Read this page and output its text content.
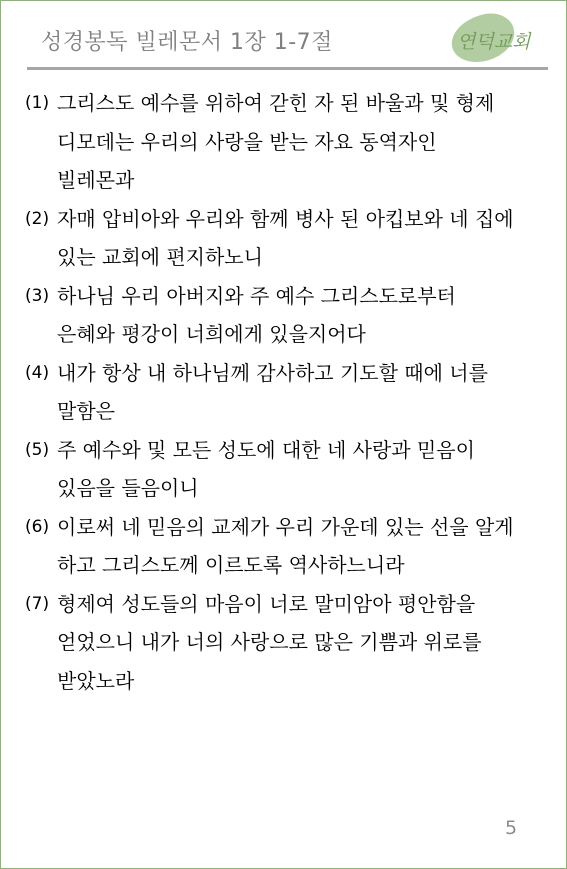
성경봉독 빌레몬서 1장 1-7절	연덕교회
(1) 그리스도 예수를 위하여 갇힌 자 된 바울과 및 형제
디모데는 우리의 사랑을 받는 자요 동역자인
빌레몬과
(2) 자매 압비아와 우리와 함께 병사 된 아킵보와 네 집에
있는 교회에 편지하노니
(3) 하나님 우리 아버지와 주 예수 그리스도로부터
은혜와 평강이 너희에게 있을지어다
(4) 내가 항상 내 하나님께 감사하고 기도할 때에 너를
말함은
(5) 주 예수와 및 모든 성도에 대한 네 사랑과 믿음이
있음을 들음이니
(6) 이로써 네 믿음의 교제가 우리 가운데 있는 선을 알게
하고 그리스도께 이르도록 역사하느니라
(7) 형제여 성도들의 마음이 너로 말미암아 평안함을
얻었으니 내가 너의 사랑으로 많은 기쁨과 위로를
받았노라
5
